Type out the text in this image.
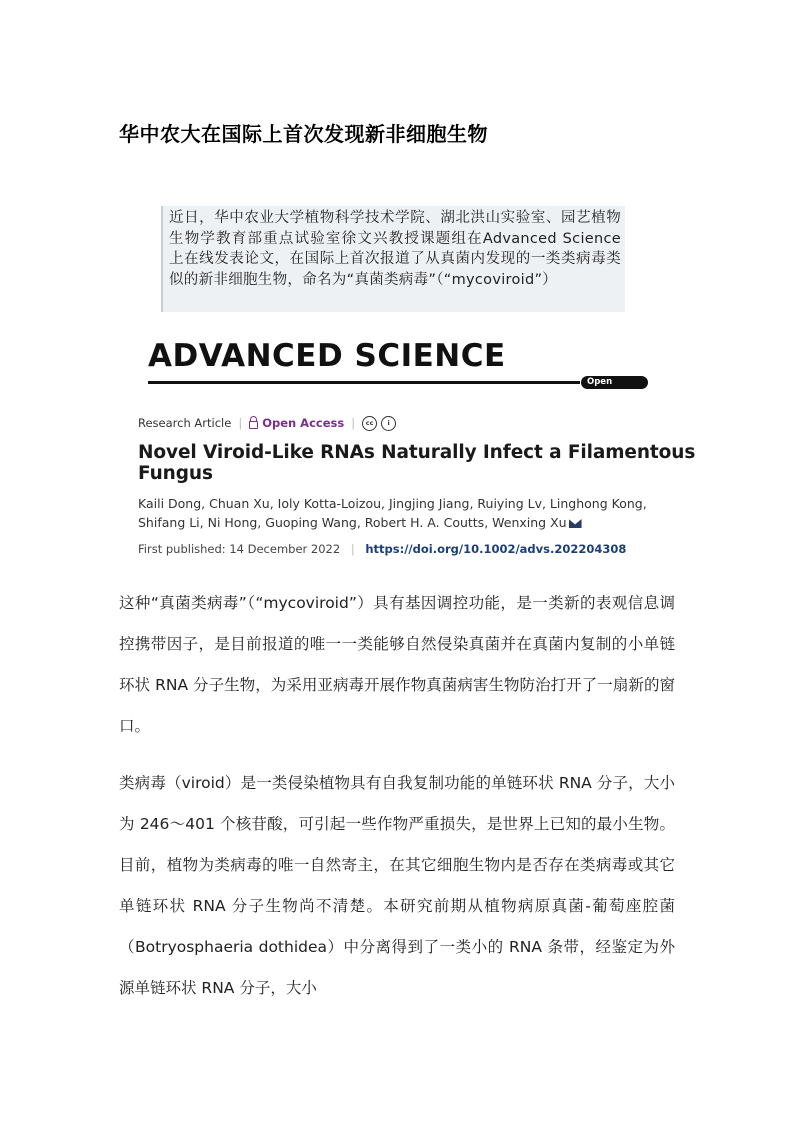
华中农大在国际上首次发现新非细胞生物

近日，华中农业大学植物科学技术学院、湖北洪山实验室、园艺植物生物学教育部重点试验室徐文兴教授课题组在Advanced Science 上在线发表论文，在国际上首次报道了从真菌内发现的一类类病毒类似的新非细胞生物，命名为“真菌类病毒”（“mycoviroid”）

ADVANCED SCIENCE
Open Access
Research Article | Open Access |	cc	i
Novel Viroid-Like RNAs Naturally Infect a Filamentous Fungus
Kaili Dong, Chuan Xu, Ioly Kotta-Loizou, Jingjing Jiang, Ruiying Lv, Linghong Kong, Shifang Li, Ni Hong, Guoping Wang, Robert H. A. Coutts, Wenxing Xu
First published: 14 December 2022 | https://doi.org/10.1002/advs.202204308

这种“真菌类病毒”（“mycoviroid”）具有基因调控功能，是一类新的表观信息调控携带因子，是目前报道的唯一一类能够自然侵染真菌并在真菌内复制的小单链环状 RNA 分子生物，为采用亚病毒开展作物真菌病害生物防治打开了一扇新的窗口。

类病毒（viroid）是一类侵染植物具有自我复制功能的单链环状 RNA 分子，大小为 246～401 个核苷酸，可引起一些作物严重损失，是世界上已知的最小生物。目前，植物为类病毒的唯一自然寄主，在其它细胞生物内是否存在类病毒或其它单链环状 RNA 分子生物尚不清楚。本研究前期从植物病原真菌-葡萄座腔菌（Botryosphaeria dothidea）中分离得到了一类小的 RNA 条带，经鉴定为外源单链环状 RNA 分子，大小
